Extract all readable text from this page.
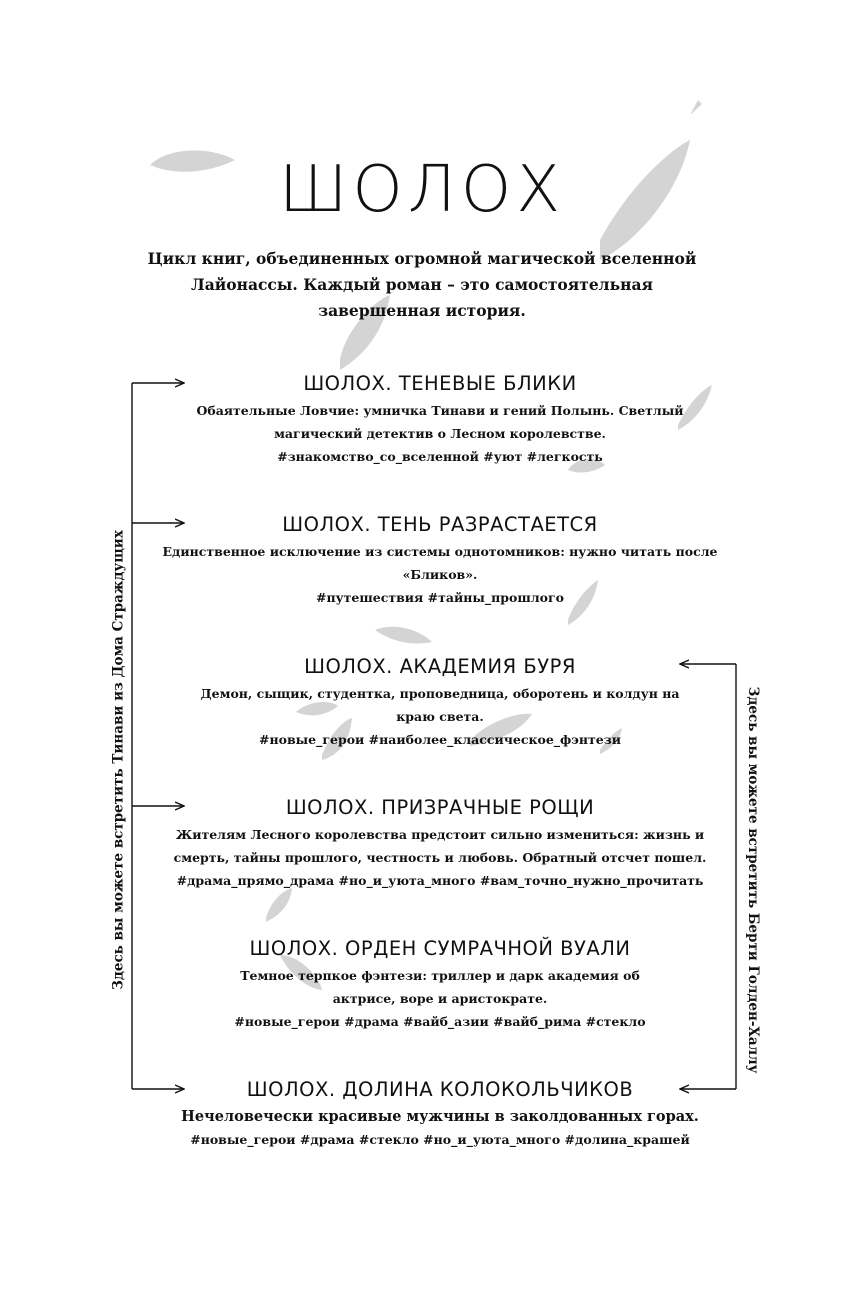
ШОЛОХ
Цикл книг, объединенных огромной магической вселенной Лайонассы. Каждый роман – это самостоятельная завершенная история.
ШОЛОХ. ТЕНЕВЫЕ БЛИКИ
Обаятельные Ловчие: умничка Тинави и гений Полынь. Светлый магический детектив о Лесном королевстве.
#знакомство_со_вселенной #уют #легкость
ШОЛОХ. ТЕНЬ РАЗРАСТАЕТСЯ
Единственное исключение из системы однотомников: нужно читать после «Бликов».
#путешествия #тайны_прошлого
ШОЛОХ. АКАДЕМИЯ БУРЯ
Демон, сыщик, студентка, проповедница, оборотень и колдун на краю света.
#новые_герои #наиболее_классическое_фэнтези
ШОЛОХ. ПРИЗРАЧНЫЕ РОЩИ
Жителям Лесного королевства предстоит сильно измениться: жизнь и смерть, тайны прошлого, честность и любовь. Обратный отсчет пошел.
#драма_прямо_драма #но_и_уюта_много #вам_точно_нужно_прочитать
ШОЛОХ. ОРДЕН СУМРАЧНОЙ ВУАЛИ
Темное терпкое фэнтези: триллер и дарк академия об актрисе, воре и аристократе.
#новые_герои #драма #вайб_азии #вайб_рима #стекло
ШОЛОХ. ДОЛИНА КОЛОКОЛЬЧИКОВ
Нечеловечески красивые мужчины в заколдованных горах.
#новые_герои #драма #стекло #но_и_уюта_много #долина_крашей
Здесь вы можете встретить Тинави из Дома Страждущих	Здесь вы можете встретить Берти Голден-Халлу
